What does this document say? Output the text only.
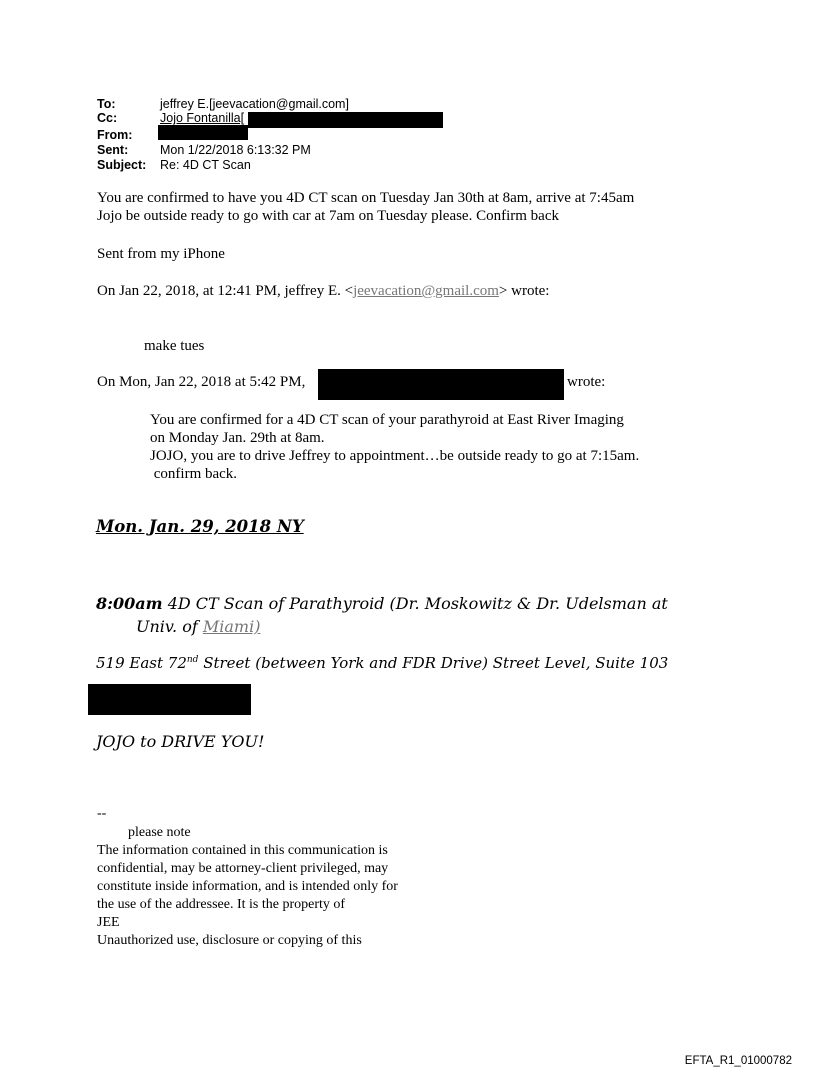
To:	jeffrey E.[jeevacation@gmail.com]
Cc:	Jojo Fontanilla[
From:
Sent:	Mon 1/22/2018 6:13:32 PM
Subject: Re: 4D CT Scan
You are confirmed to have you 4D CT scan on Tuesday Jan 30th at 8am, arrive at 7:45am
Jojo be outside ready to go with car at 7am on Tuesday please. Confirm back
Sent from my iPhone
On Jan 22, 2018, at 12:41 PM, jeffrey E. <jeevacation@gmail.com> wrote:
make tues
On Mon, Jan 22, 2018 at 5:42 PM,	wrote:
You are confirmed for a 4D CT scan of your parathyroid at East River Imaging
on Monday Jan. 29th at 8am.
JOJO, you are to drive Jeffrey to appointment…be outside ready to go at 7:15am.
confirm back.
Mon. Jan. 29, 2018 NY
8:00am 4D CT Scan of Parathyroid (Dr. Moskowitz & Dr. Udelsman at
Univ. of Miami)
519 East 72nd Street (between York and FDR Drive) Street Level, Suite 103
JOJO to DRIVE YOU!
--
please note
The information contained in this communication is
confidential, may be attorney-client privileged, may
constitute inside information, and is intended only for
the use of the addressee. It is the property of
JEE
Unauthorized use, disclosure or copying of this
EFTA_R1_01000782
